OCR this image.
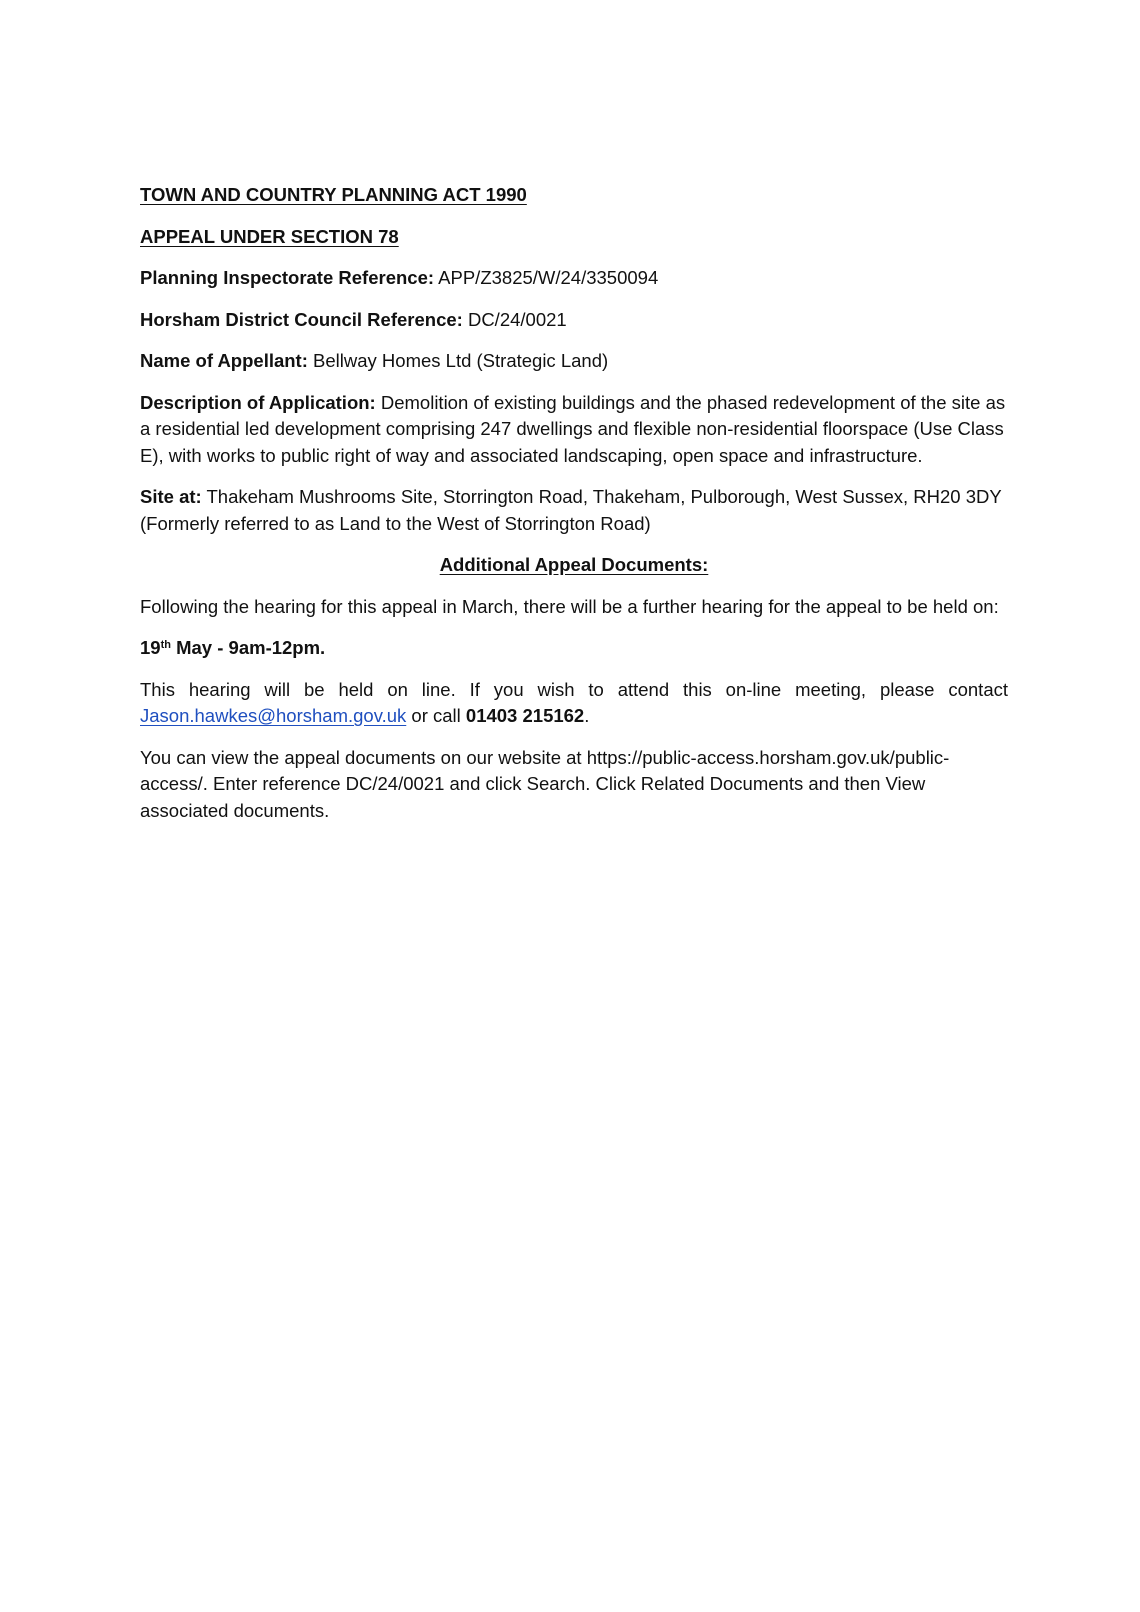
TOWN AND COUNTRY PLANNING ACT 1990

APPEAL UNDER SECTION 78

Planning Inspectorate Reference: APP/Z3825/W/24/3350094

Horsham District Council Reference: DC/24/0021

Name of Appellant: Bellway Homes Ltd (Strategic Land)

Description of Application: Demolition of existing buildings and the phased redevelopment of the site as a residential led development comprising 247 dwellings and flexible non-residential floorspace (Use Class E), with works to public right of way and associated landscaping, open space and infrastructure.

Site at: Thakeham Mushrooms Site, Storrington Road, Thakeham, Pulborough, West Sussex, RH20 3DY (Formerly referred to as Land to the West of Storrington Road)

Additional Appeal Documents:

Following the hearing for this appeal in March, there will be a further hearing for the appeal to be held on:

19th May - 9am-12pm.

This hearing will be held on line. If you wish to attend this on-line meeting, please contact Jason.hawkes@horsham.gov.uk or call 01403 215162.

You can view the appeal documents on our website at https://public-access.horsham.gov.uk/public-access/. Enter reference DC/24/0021 and click Search. Click Related Documents and then View associated documents.
